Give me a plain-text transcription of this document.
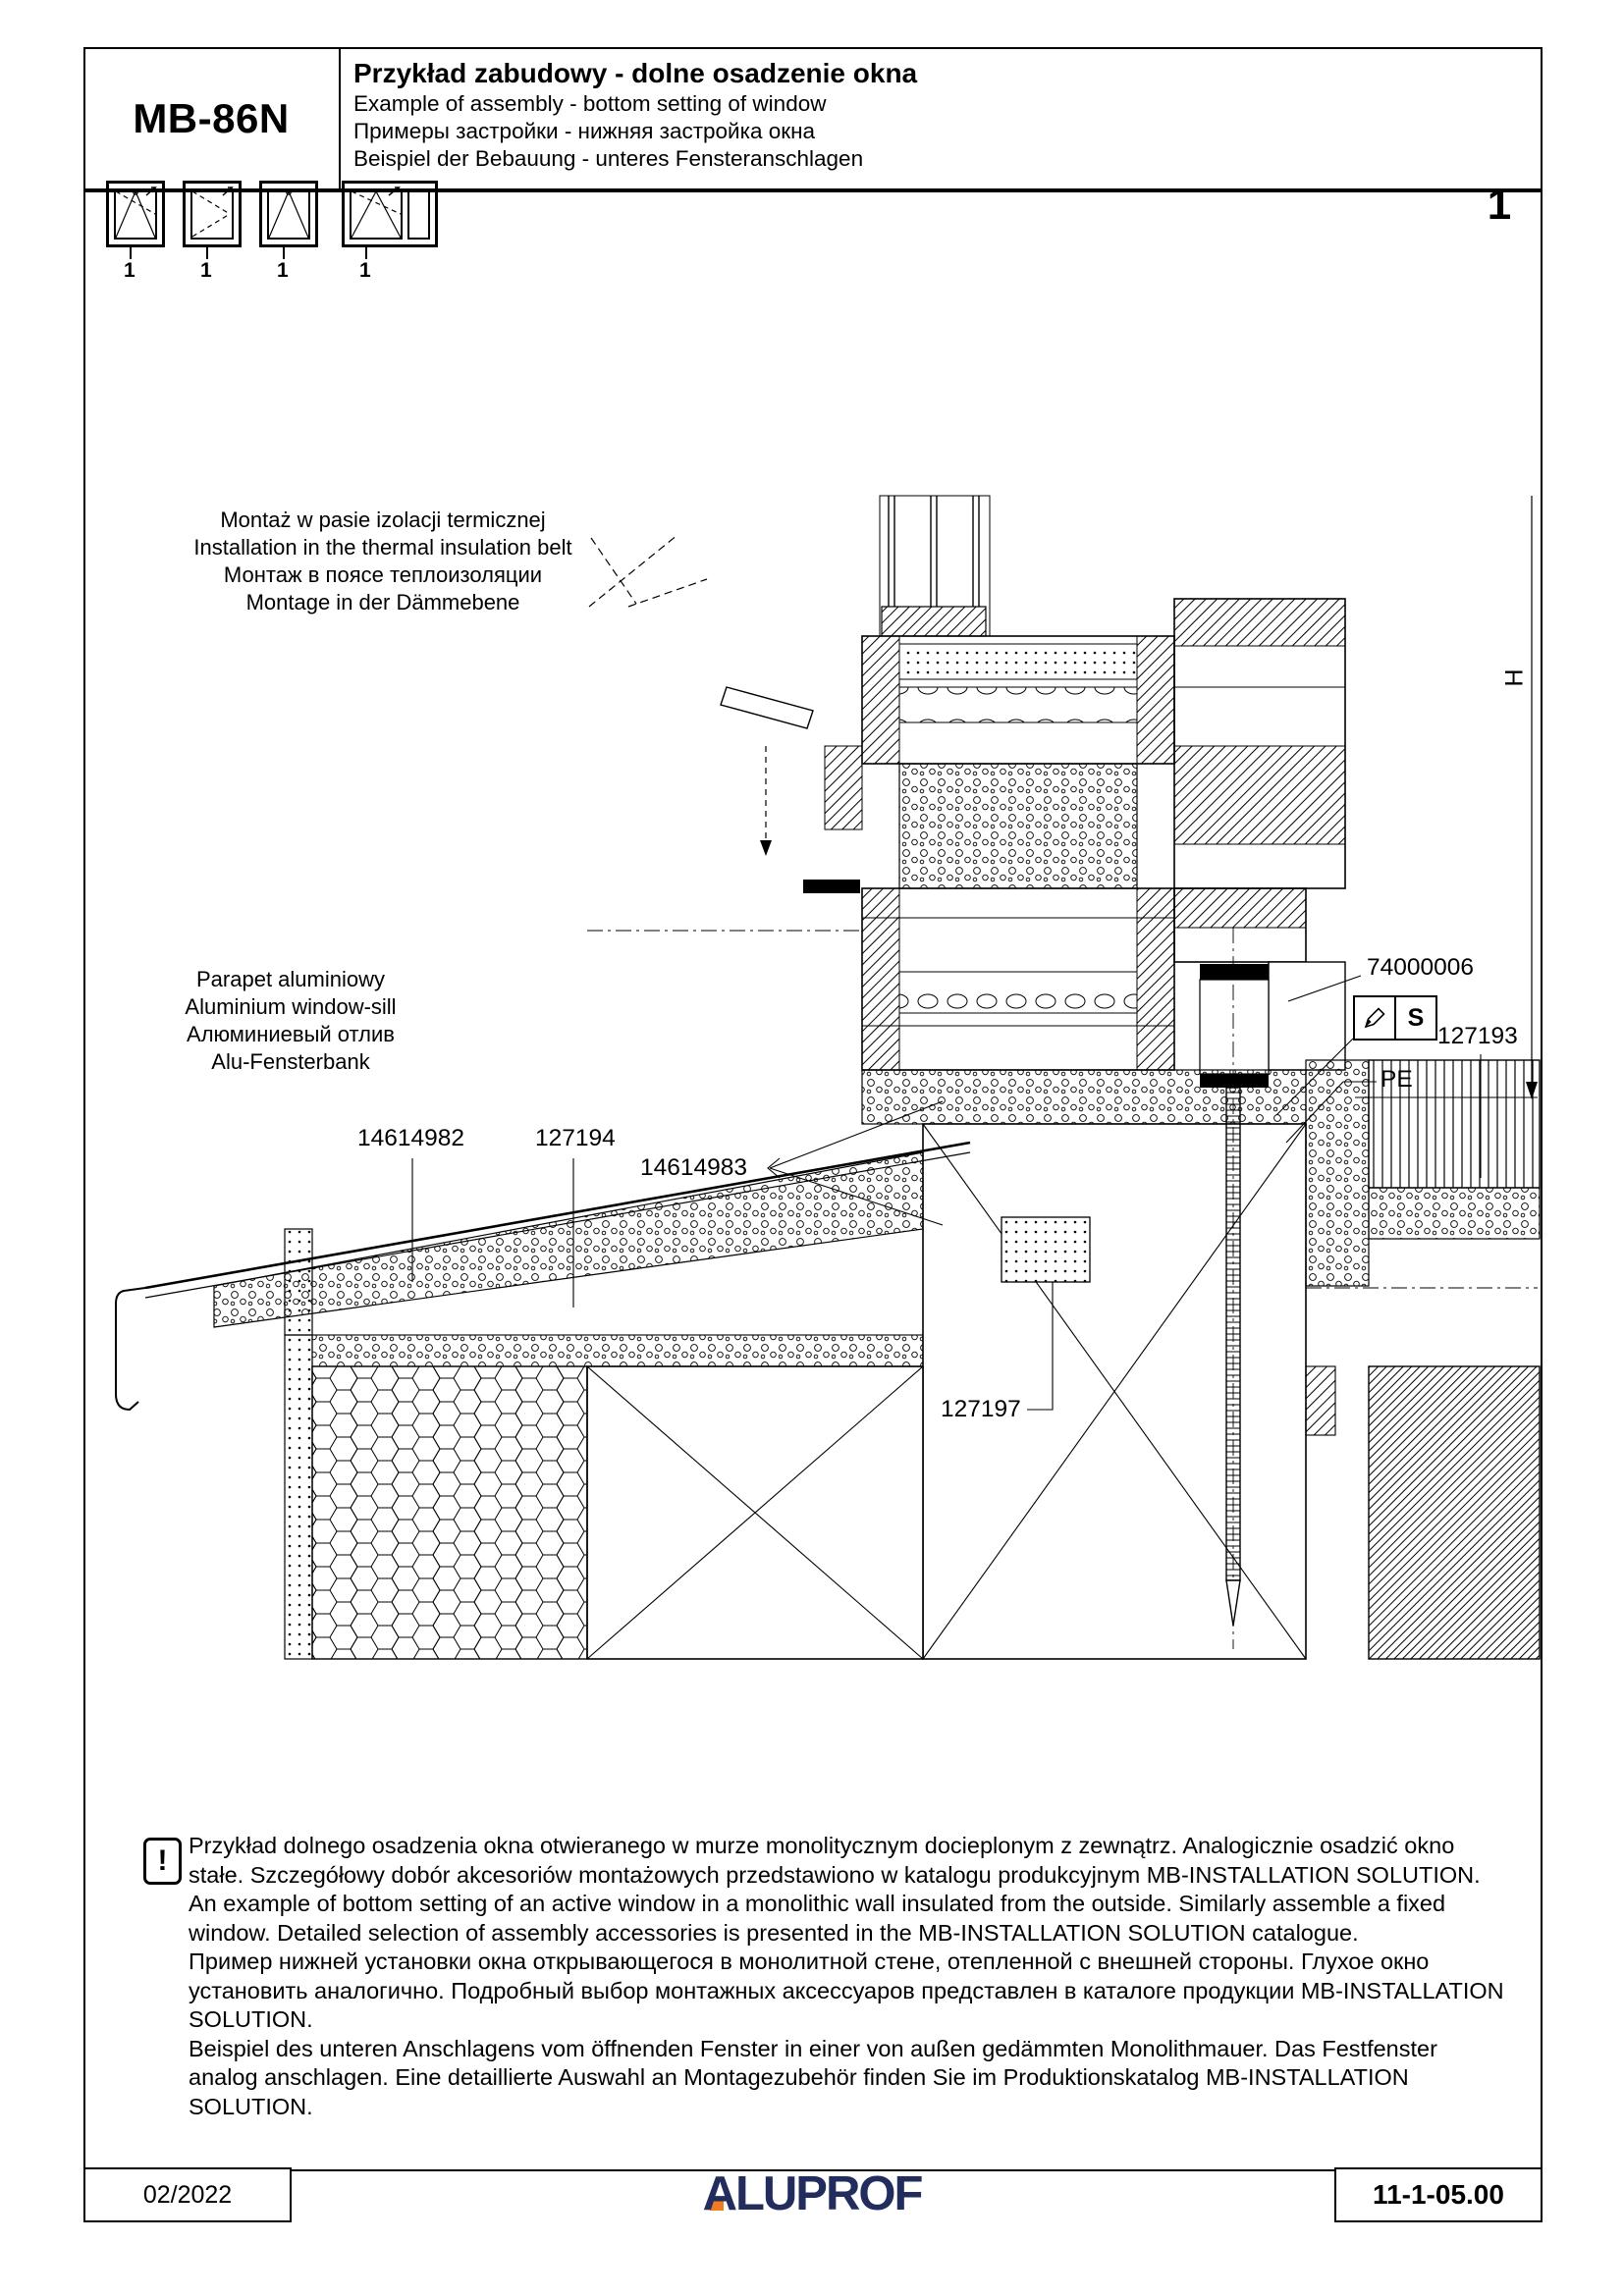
MB-86N
Przykład zabudowy - dolne osadzenie okna
Example of assembly - bottom setting of window
Примеры застройки - нижняя застройка окна
Beispiel der Bebauung - unteres Fensteranschlagen
1
1	1	1	1
Montaż w pasie izolacji termicznej
Installation in the thermal insulation belt
Монтаж в поясе теплоизоляции
Montage in der Dämmebene
Parapet aluminiowy
Aluminium window-sill
Алюминиевый отлив
Alu-Fensterbank
74000006
S
127193
PE
14614982	127194
14614983
127197
H
! Przykład dolnego osadzenia okna otwieranego w murze monolitycznym docieplonym z zewnątrz. Analogicznie osadzić okno stałe. Szczegółowy dobór akcesoriów montażowych przedstawiono w katalogu produkcyjnym MB-INSTALLATION SOLUTION.

An example of bottom setting of an active window in a monolithic wall insulated from the outside. Similarly assemble a fixed window. Detailed selection of assembly accessories is presented in the MB-INSTALLATION SOLUTION catalogue.

Пример нижней установки окна открывающегося в монолитной стене, отепленной с внешней стороны. Глухое окно установить аналогично. Подробный выбор монтажных аксессуаров представлен в каталоге продукции MB-INSTALLATION SOLUTION.

Beispiel des unteren Anschlagens vom öffnenden Fenster in einer von außen gedämmten Monolithmauer. Das Festfenster analog anschlagen. Eine detaillierte Auswahl an Montagezubehör finden Sie im Produktionskatalog MB-INSTALLATION SOLUTION.

02/2022	ALUPROF	11-1-05.00
